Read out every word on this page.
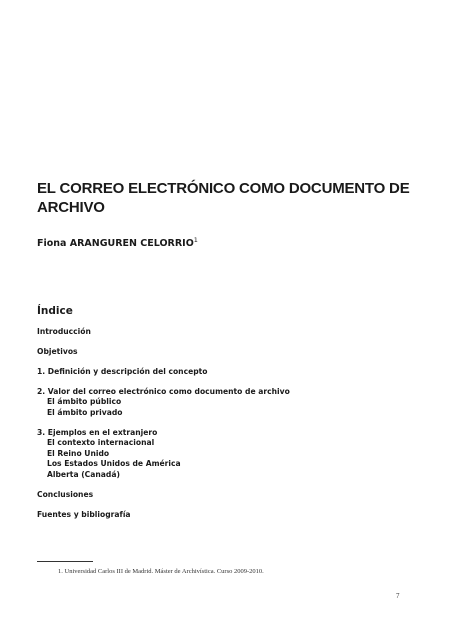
EL CORREO ELECTRÓNICO COMO DOCUMENTO DE ARCHIVO

Fiona ARANGUREN CELORRIO$^1$

Índice
Introducción
Objetivos
1. Definición y descripción del concepto
2. Valor del correo electrónico como documento de archivo
El ámbito público
El ámbito privado
3. Ejemplos en el extranjero
El contexto internacional
El Reino Unido
Los Estados Unidos de América
Alberta (Canadá)
Conclusiones
Fuentes y bibliografía

1. Universidad Carlos III de Madrid. Máster de Archivística. Curso 2009-2010.

7
